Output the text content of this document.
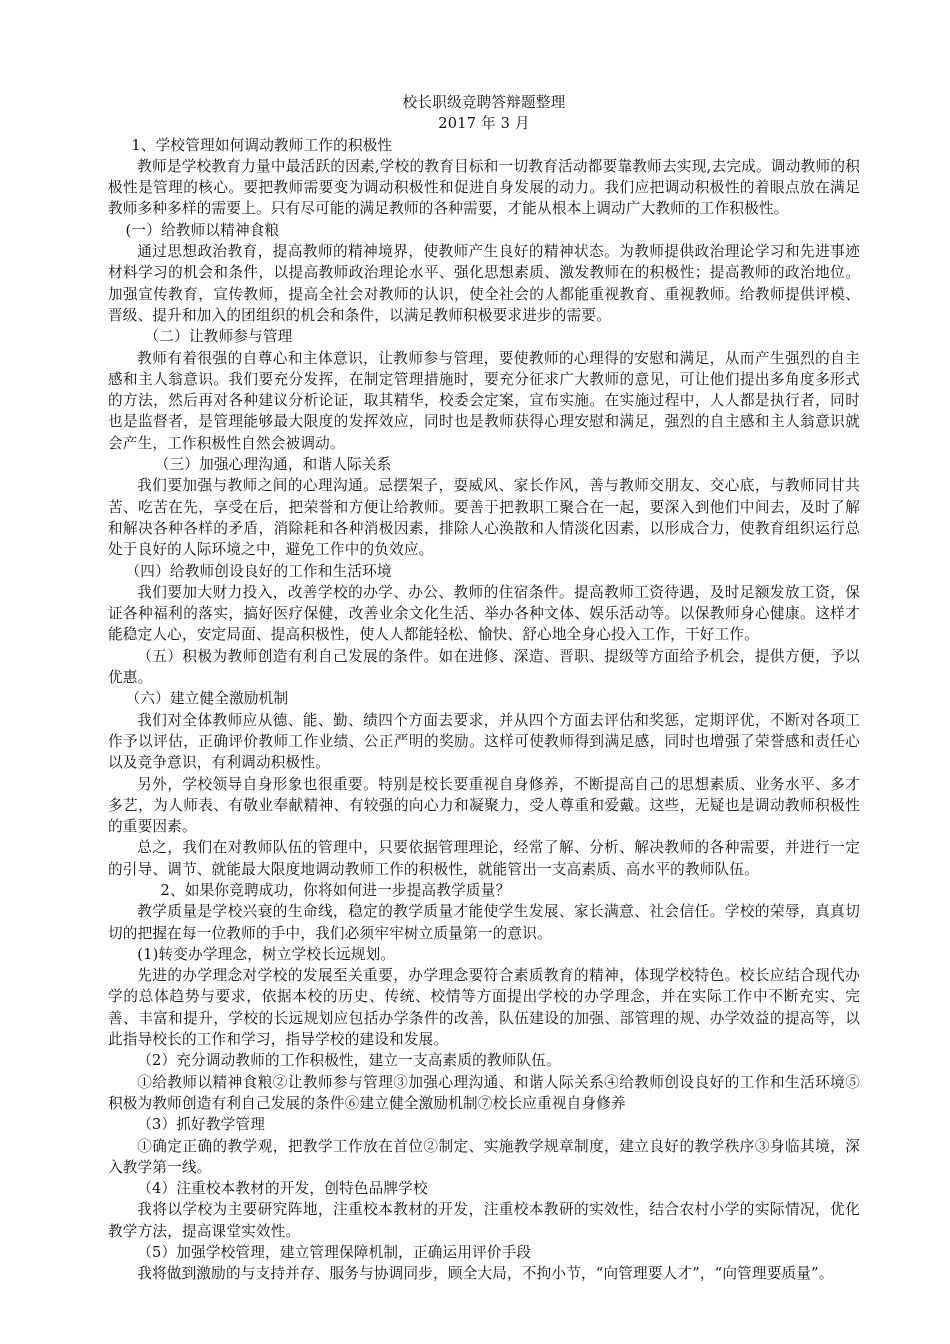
校长职级竞聘答辩题整理

2017 年 3 月

1、学校管理如何调动教师工作的积极性

教师是学校教育力量中最活跃的因素,学校的教育目标和一切教育活动都要靠教师去实现,去完成。调动教师的积极性是管理的核心。要把教师需要变为调动积极性和促进自身发展的动力。我们应把调动积极性的着眼点放在满足教师多种多样的需要上。只有尽可能的满足教师的各种需要，才能从根本上调动广大教师的工作积极性。

(一）给教师以精神食粮

通过思想政治教育，提高教师的精神境界，使教师产生良好的精神状态。为教师提供政治理论学习和先进事迹材料学习的机会和条件，以提高教师政治理论水平、强化思想素质、激发教师在的积极性；提高教师的政治地位。加强宣传教育，宣传教师，提高全社会对教师的认识，使全社会的人都能重视教育、重视教师。给教师提供评模、晋级、提升和加入的团组织的机会和条件，以满足教师积极要求进步的需要。

（二）让教师参与管理

教师有着很强的自尊心和主体意识，让教师参与管理，要使教师的心理得的安慰和满足，从而产生强烈的自主感和主人翁意识。我们要充分发挥，在制定管理措施时，要充分征求广大教师的意见，可让他们提出多角度多形式的方法，然后再对各种建议分析论证，取其精华，校委会定案，宣布实施。在实施过程中，人人都是执行者，同时也是监督者，是管理能够最大限度的发挥效应，同时也是教师获得心理安慰和满足，强烈的自主感和主人翁意识就会产生，工作积极性自然会被调动。

（三）加强心理沟通，和谐人际关系

我们要加强与教师之间的心理沟通。忌摆架子，耍威风、家长作风，善与教师交朋友、交心底，与教师同甘共苦、吃苦在先，享受在后，把荣誉和方便让给教师。要善于把教职工聚合在一起，要深入到他们中间去，及时了解和解决各种各样的矛盾，消除耗和各种消极因素，排除人心涣散和人情淡化因素，以形成合力，使教育组织运行总处于良好的人际环境之中，避免工作中的负效应。

（四）给教师创设良好的工作和生活环境

我们要加大财力投入，改善学校的办学、办公、教师的住宿条件。提高教师工资待遇，及时足额发放工资，保证各种福利的落实，搞好医疗保健，改善业余文化生活、举办各种文体、娱乐活动等。以保教师身心健康。这样才能稳定人心，安定局面、提高积极性，使人人都能轻松、愉快、舒心地全身心投入工作，干好工作。

（五）积极为教师创造有利自己发展的条件。如在进修、深造、晋职、提级等方面给予机会，提供方便，予以优惠。

（六）建立健全激励机制

我们对全体教师应从德、能、勤、绩四个方面去要求，并从四个方面去评估和奖惩，定期评优，不断对各项工作予以评估，正确评价教师工作业绩、公正严明的奖励。这样可使教师得到满足感，同时也增强了荣誉感和责任心以及竞争意识，有利调动积极性。

另外，学校领导自身形象也很重要。特别是校长要重视自身修养，不断提高自己的思想素质、业务水平、多才多艺，为人师表、有敬业奉献精神、有较强的向心力和凝聚力，受人尊重和爱戴。这些，无疑也是调动教师积极性的重要因素。

总之，我们在对教师队伍的管理中，只要依据管理理论，经常了解、分析、解决教师的各种需要，并进行一定的引导、调节、就能最大限度地调动教师工作的积极性，就能管出一支高素质、高水平的教师队伍。

2、如果你竞聘成功，你将如何进一步提高教学质量？

教学质量是学校兴衰的生命线，稳定的教学质量才能使学生发展、家长满意、社会信任。学校的荣辱，真真切切的把握在每一位教师的手中，我们必须牢牢树立质量第一的意识。

(1)转变办学理念，树立学校长远规划。

先进的办学理念对学校的发展至关重要，办学理念要符合素质教育的精神，体现学校特色。校长应结合现代办学的总体趋势与要求，依据本校的历史、传统、校情等方面提出学校的办学理念，并在实际工作中不断充实、完善、丰富和提升，学校的长远规划应包括办学条件的改善，队伍建设的加强、部管理的规、办学效益的提高等，以此指导校长的工作和学习，指导学校的建设和发展。

（2）充分调动教师的工作积极性，建立一支高素质的教师队伍。

①给教师以精神食粮②让教师参与管理③加强心理沟通、和谐人际关系④给教师创设良好的工作和生活环境⑤积极为教师创造有利自己发展的条件⑥建立健全激励机制⑦校长应重视自身修养

（3）抓好教学管理

①确定正确的教学观，把教学工作放在首位②制定、实施教学规章制度，建立良好的教学秩序③身临其境，深入教学第一线。

（4）注重校本教材的开发，创特色品牌学校

我将以学校为主要研究阵地，注重校本教材的开发，注重校本教研的实效性，结合农村小学的实际情况，优化教学方法，提高课堂实效性。

（5）加强学校管理，建立管理保障机制，正确运用评价手段

我将做到激励的与支持并存、服务与协调同步，顾全大局，不拘小节，“向管理要人才”，“向管理要质量”。
